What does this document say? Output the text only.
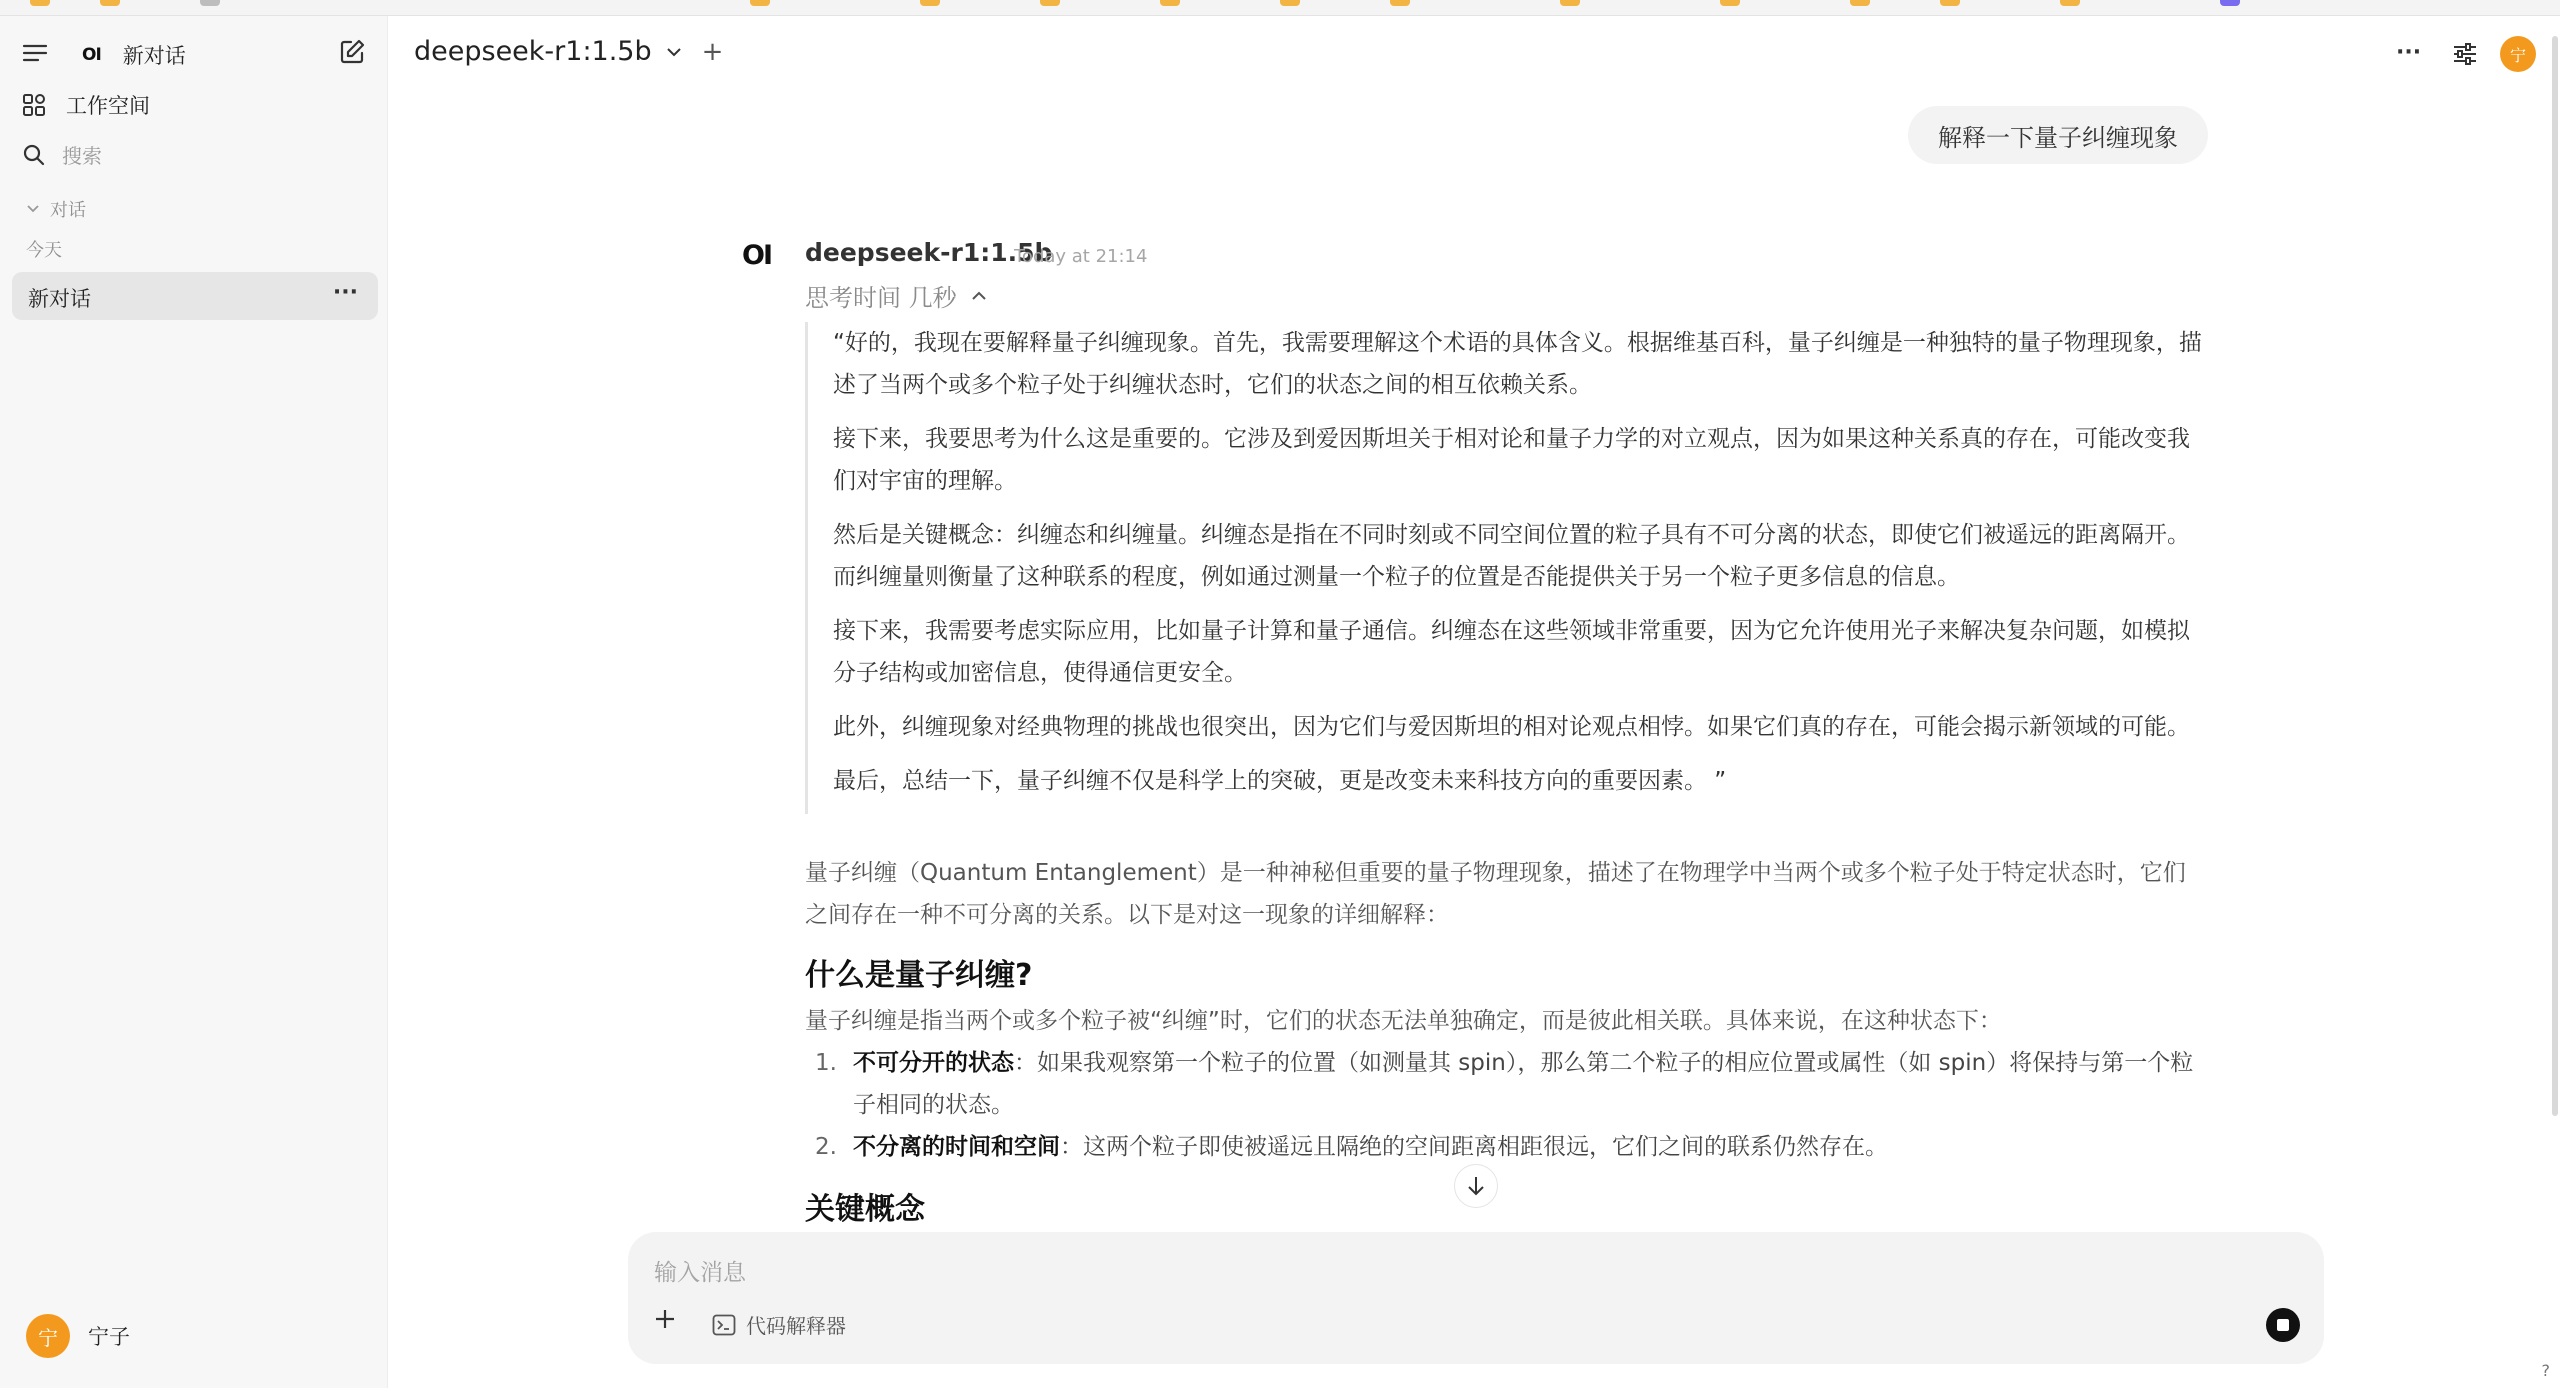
OI 新对话
工作空间
搜索
对话
今天
新对话	···
宁	宁子
deepseek-r1:1.5b +	···	宁
解释一下量子纠缠现象
OI deepseek-r1:1.5b
Today at 21:14
思考时间 几秒

“好的，我现在要解释量子纠缠现象。首先，我需要理解这个术语的具体含义。根据维基百科，量子纠缠是一种独特的量子物理现象，描述了当两个或多个粒子处于纠缠状态时，它们的状态之间的相互依赖关系。

接下来，我要思考为什么这是重要的。它涉及到爱因斯坦关于相对论和量子力学的对立观点，因为如果这种关系真的存在，可能改变我们对宇宙的理解。

然后是关键概念：纠缠态和纠缠量。纠缠态是指在不同时刻或不同空间位置的粒子具有不可分离的状态，即使它们被遥远的距离隔开。而纠缠量则衡量了这种联系的程度，例如通过测量一个粒子的位置是否能提供关于另一个粒子更多信息的信息。

接下来，我需要考虑实际应用，比如量子计算和量子通信。纠缠态在这些领域非常重要，因为它允许使用光子来解决复杂问题，如模拟分子结构或加密信息，使得通信更安全。

此外，纠缠现象对经典物理的挑战也很突出，因为它们与爱因斯坦的相对论观点相悖。如果它们真的存在，可能会揭示新领域的可能。

最后，总结一下，量子纠缠不仅是科学上的突破，更是改变未来科技方向的重要因素。 ”

量子纠缠（Quantum Entanglement）是一种神秘但重要的量子物理现象，描述了在物理学中当两个或多个粒子处于特定状态时，它们之间存在一种不可分离的关系。以下是对这一现象的详细解释：
什么是量子纠缠?
量子纠缠是指当两个或多个粒子被“纠缠”时，它们的状态无法单独确定，而是彼此相关联。具体来说，在这种状态下：
1. 不可分开的状态：如果我观察第一个粒子的位置（如测量其 spin），那么第二个粒子的相应位置或属性（如 spin）将保持与第一个粒子相同的状态。
2. 不分离的时间和空间：这两个粒子即使被遥远且隔绝的空间距离相距很远，它们之间的联系仍然存在。
关键概念
输入消息
代码解释器
?
